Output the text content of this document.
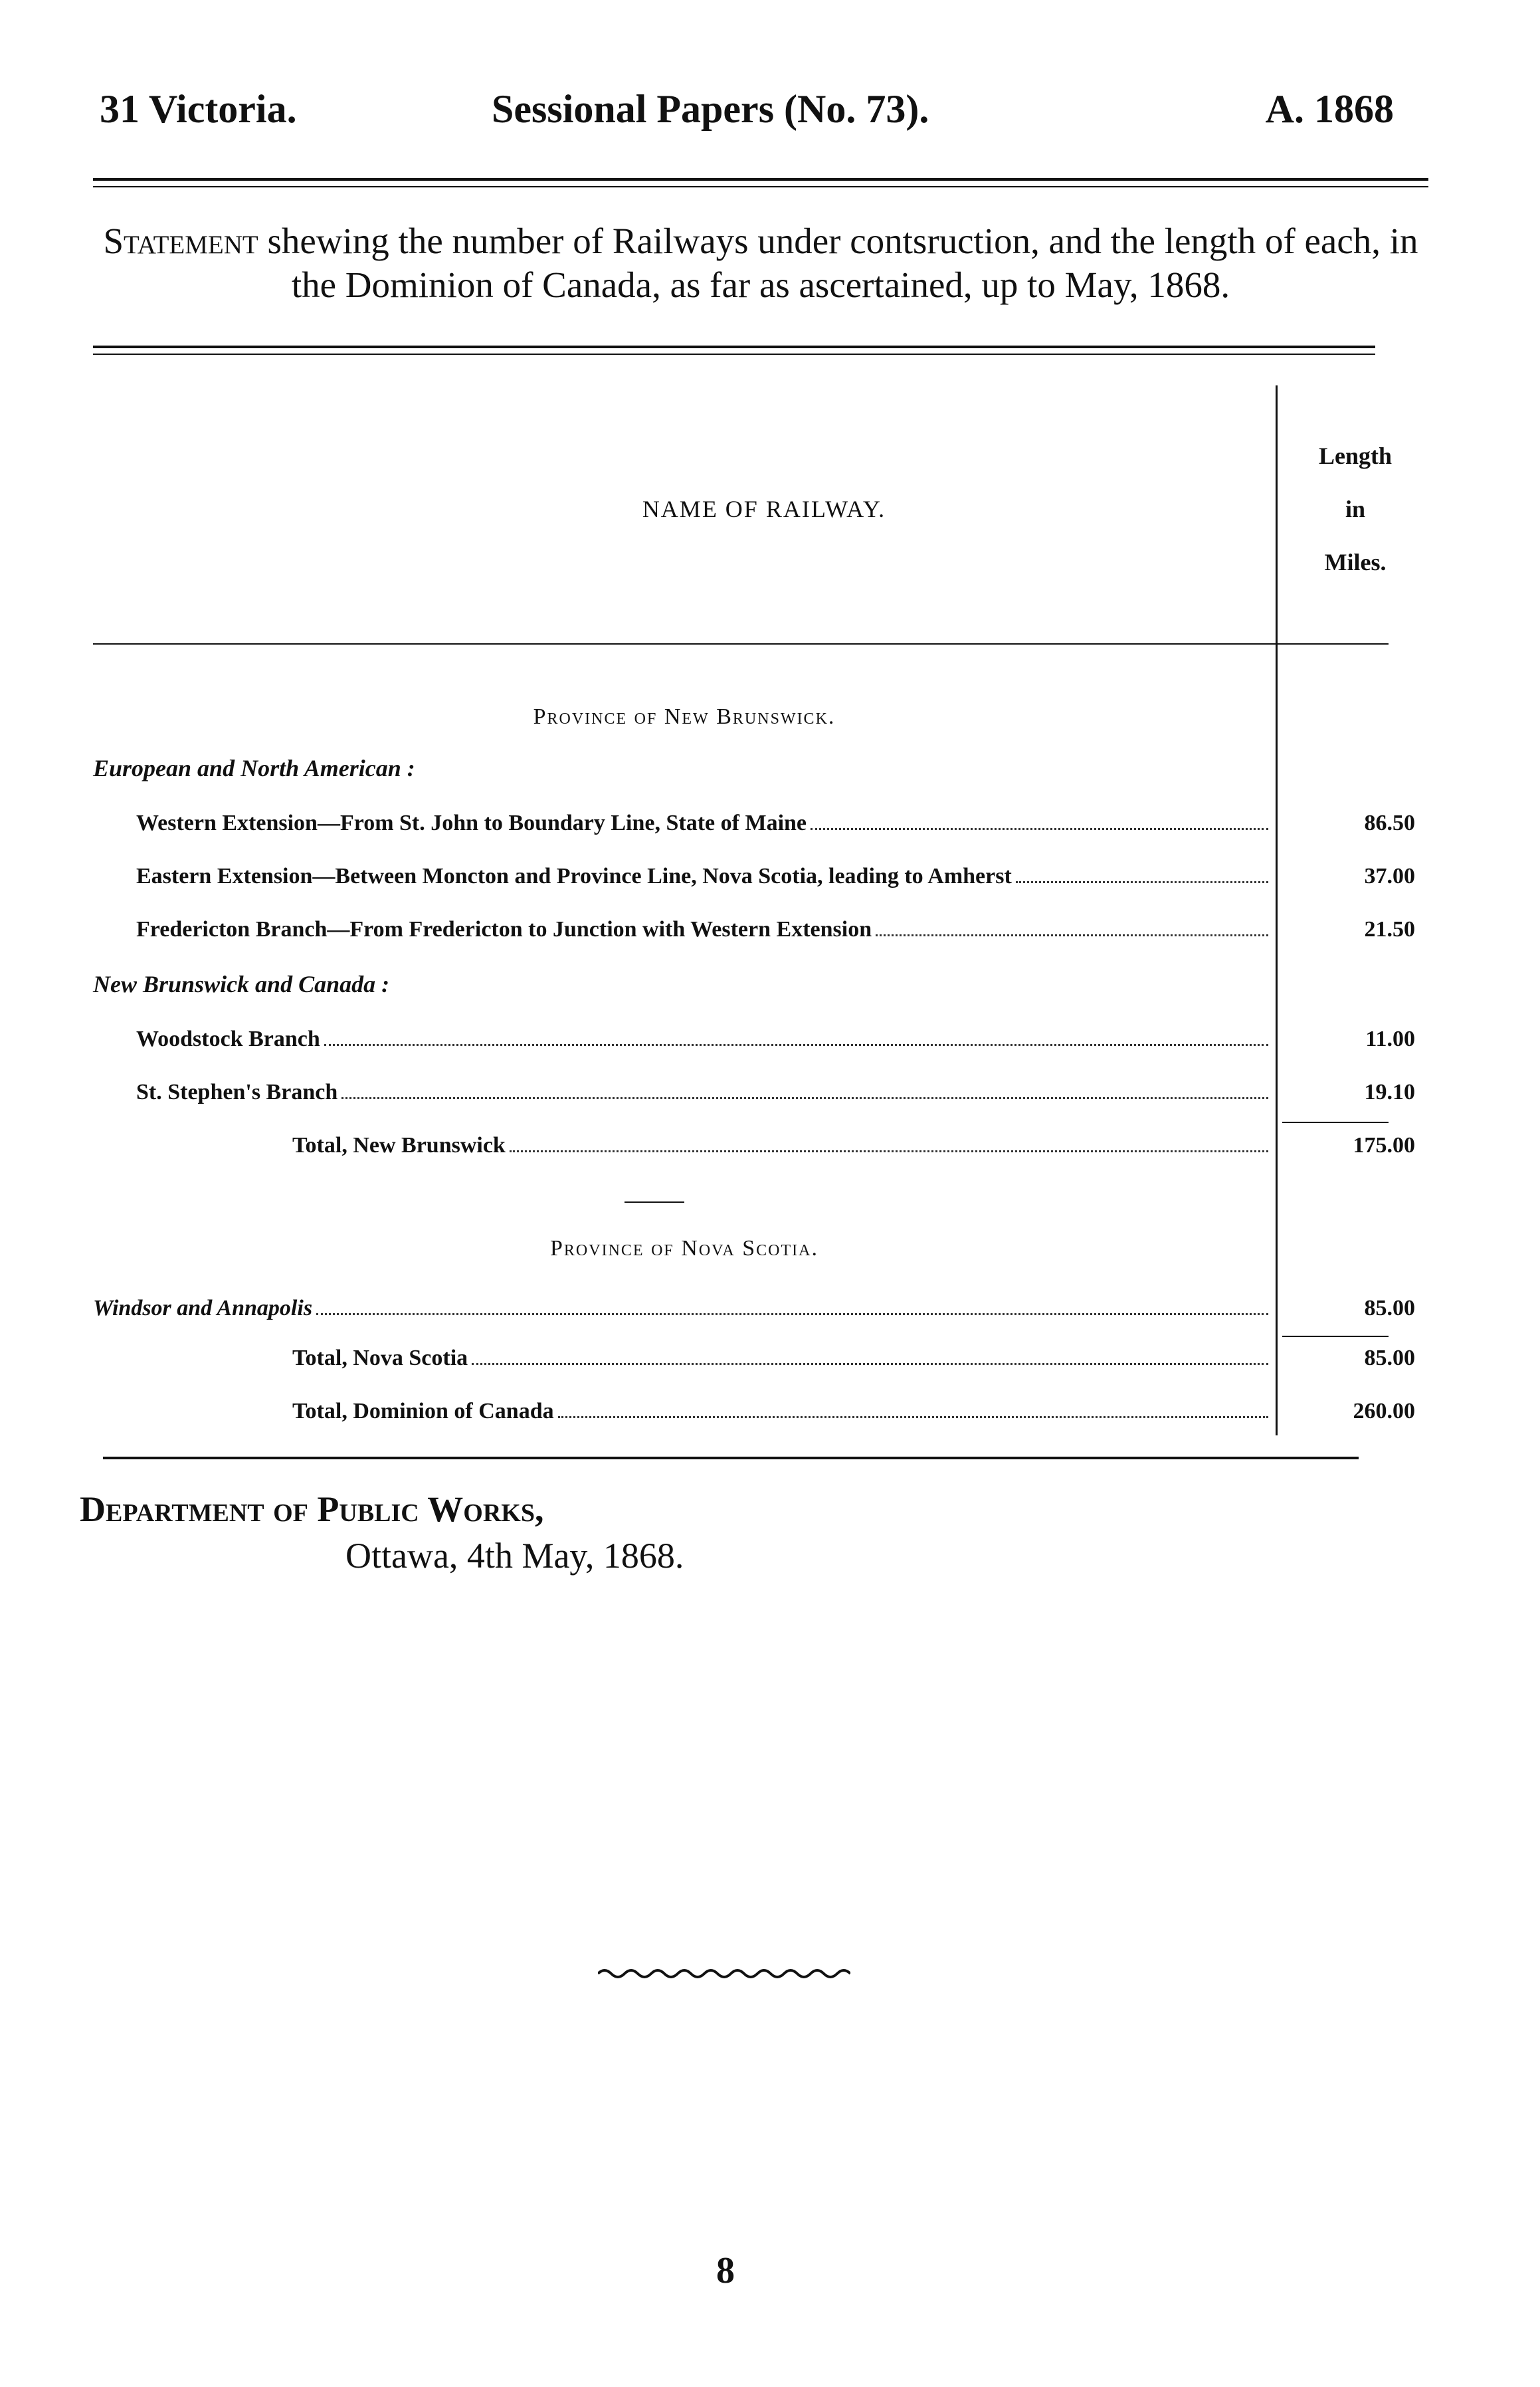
31 Victoria.	Sessional Papers (No. 73).	A. 1868
Statement shewing the number of Railways under contsruction, and the length of each, in the Dominion of Canada, as far as ascertained, up to May, 1868.
NAME OF RAILWAY.
Length
in
Miles.
Province of New Brunswick.
European and North American :
Western Extension—From St. John to Boundary Line, State of Maine	86.50
Eastern Extension—Between Moncton and Province Line, Nova Scotia, leading to Amherst	37.00
Fredericton Branch—From Fredericton to Junction with Western Extension	21.50
New Brunswick and Canada :
Woodstock Branch	11.00
St. Stephen's Branch	19.10
Total, New Brunswick	175.00
Province of Nova Scotia.
Windsor and Annapolis	85.00
Total, Nova Scotia	85.00
Total, Dominion of Canada	260.00
Department of Public Works,
Ottawa, 4th May, 1868.
8
